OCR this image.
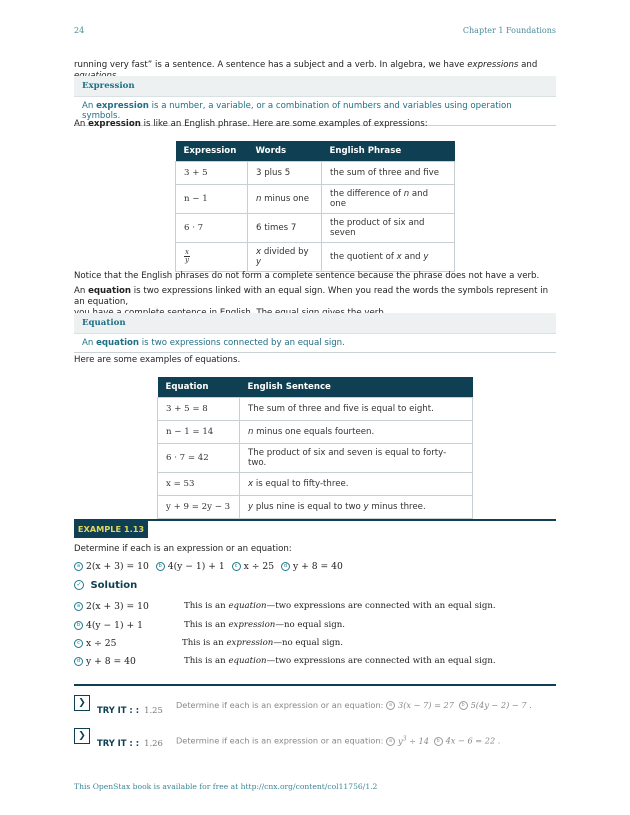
24	Chapter 1 Foundations
running very fast” is a sentence. A sentence has a subject and a verb. In algebra, we have expressions and
Expression
An expression is a number, a variable, or a combination of numbers and variables using operation symbols.
An expression is like an English phrase. Here are some examples of expressions:
Expression	Words	English Phrase
3 + 5	3 plus 5	the sum of three and five
n − 1	n minus one	the difference of n and one
6 · 7	6 times 7	the product of six and seven

$\frac{x}{y}$	x divided by y	the quotient of x and y
Notice that the English phrases do not form a complete sentence because the phrase does not have a verb.
An equation is two expressions linked with an equal sign. When you read the words the symbols represent in an equation,

Equation
An equation is two expressions connected by an equal sign.
Here are some examples of equations.
Equation	English Sentence
3 + 5 = 8	The sum of three and five is equal to eight.
n − 1 = 14	n minus one equals fourteen.
6 · 7 = 42	The product of six and seven is equal to forty-two.
x = 53	x is equal to fifty-three.
y + 9 = 2y − 3	y plus nine is equal to two y minus three.
EXAMPLE 1.13
Determine if each is an expression or an equation:
a 2(x + 3) = 10 b 4(y − 1) + 1 c x ÷ 25 d y + 8 = 40
✓ Solution
a 2(x + 3) = 10	This is an equation—two expressions are connected with an equal sign.
b 4(y − 1) + 1	This is an expression—no equal sign.
c x ÷ 25	This is an expression—no equal sign.
d y + 8 = 40	This is an equation—two expressions are connected with an equal sign.
❯
TRY IT : : 1.25 Determine if each is an expression or an equation: a 3(x − 7) = 27 b 5(4y − 2) − 7 .
❯
TRY IT : : 1.26 Determine if each is an expression or an equation: a $y^3 \div 14$ b 4x − 6 = 22 .
This OpenStax book is available for free at http://cnx.org/content/col11756/1.2
